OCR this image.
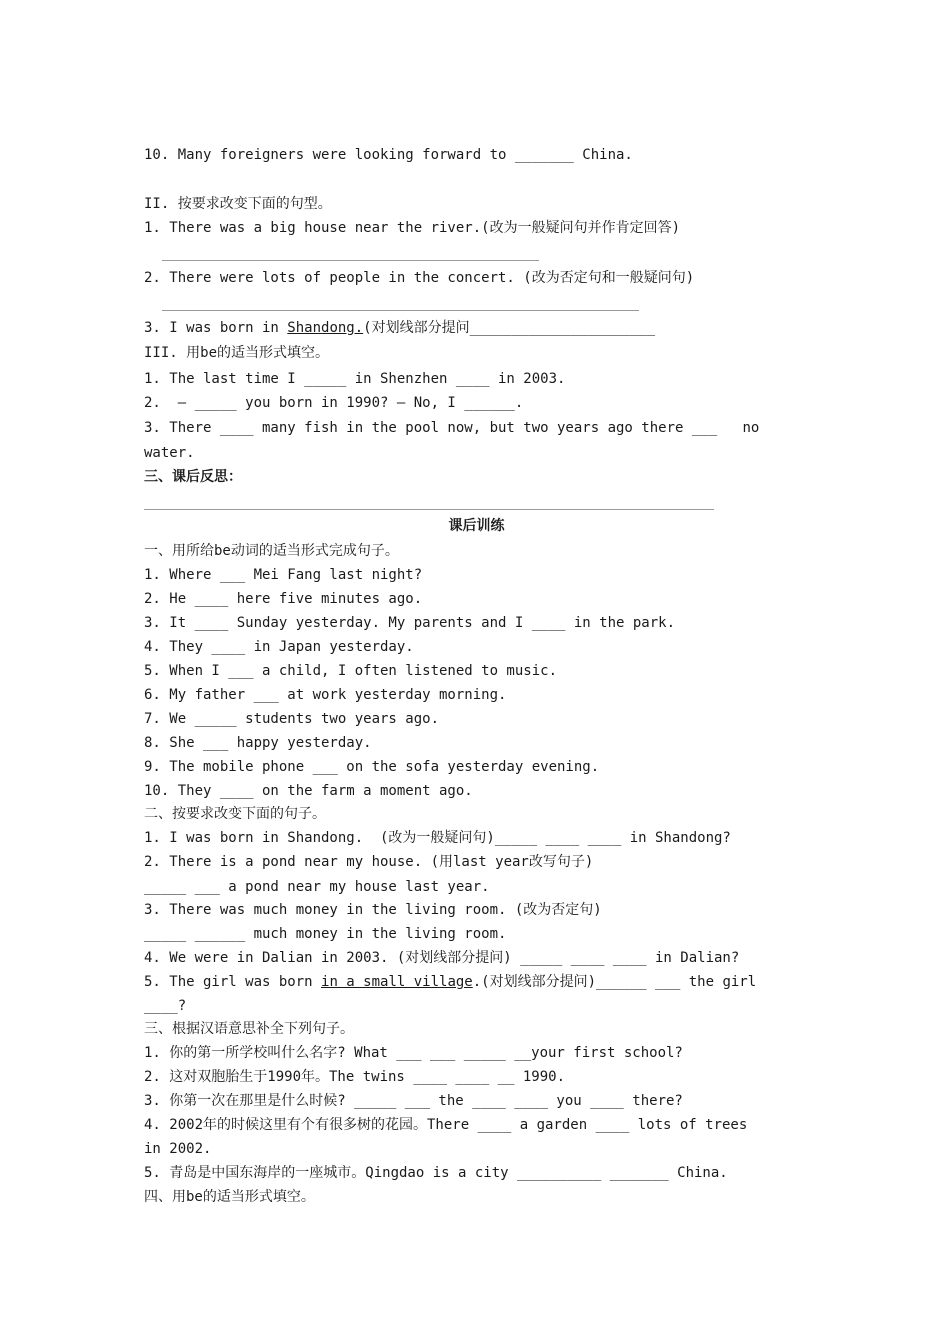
10. Many foreigners were looking forward to _______ China.

II. 按要求改变下面的句型。
1. There was a big house near the river.(改为一般疑问句并作肯定回答)
2. There were lots of people in the concert. (改为否定句和一般疑问句)
3. I was born in Shandong.(对划线部分提问______________________
III. 用be的适当形式填空。
1. The last time I _____ in Shenzhen ____ in 2003.
2.  — _____ you born in 1990? — No, I ______.
3. There ____ many fish in the pool now, but two years ago there ___   no
water.
三、课后反思：
课后训练
一、用所给be动词的适当形式完成句子。
1. Where ___ Mei Fang last night?
2. He ____ here five minutes ago.
3. It ____ Sunday yesterday. My parents and I ____ in the park.
4. They ____ in Japan yesterday.
5. When I ___ a child, I often listened to music.
6. My father ___ at work yesterday morning.
7. We _____ students two years ago.
8. She ___ happy yesterday.
9. The mobile phone ___ on the sofa yesterday evening.
10. They ____ on the farm a moment ago.
二、按要求改变下面的句子。
1. I was born in Shandong.  (改为一般疑问句)_____ ____ ____ in Shandong?
2. There is a pond near my house. (用last year改写句子)
_____ ___ a pond near my house last year.
3. There was much money in the living room. (改为否定句)
_____ ______ much money in the living room.
4. We were in Dalian in 2003. (对划线部分提问) _____ ____ ____ in Dalian?
5. The girl was born in a small village.(对划线部分提问)______ ___ the girl
____?
三、根据汉语意思补全下列句子。
1. 你的第一所学校叫什么名字? What ___ ___ _____ __your first school?
2. 这对双胞胎生于1990年。The twins ____ ____ __ 1990.
3. 你第一次在那里是什么时候? _____ ___ the ____ ____ you ____ there?
4. 2002年的时候这里有个有很多树的花园。There ____ a garden ____ lots of trees
in 2002.
5. 青岛是中国东海岸的一座城市。Qingdao is a city __________ _______ China.
四、用be的适当形式填空。
